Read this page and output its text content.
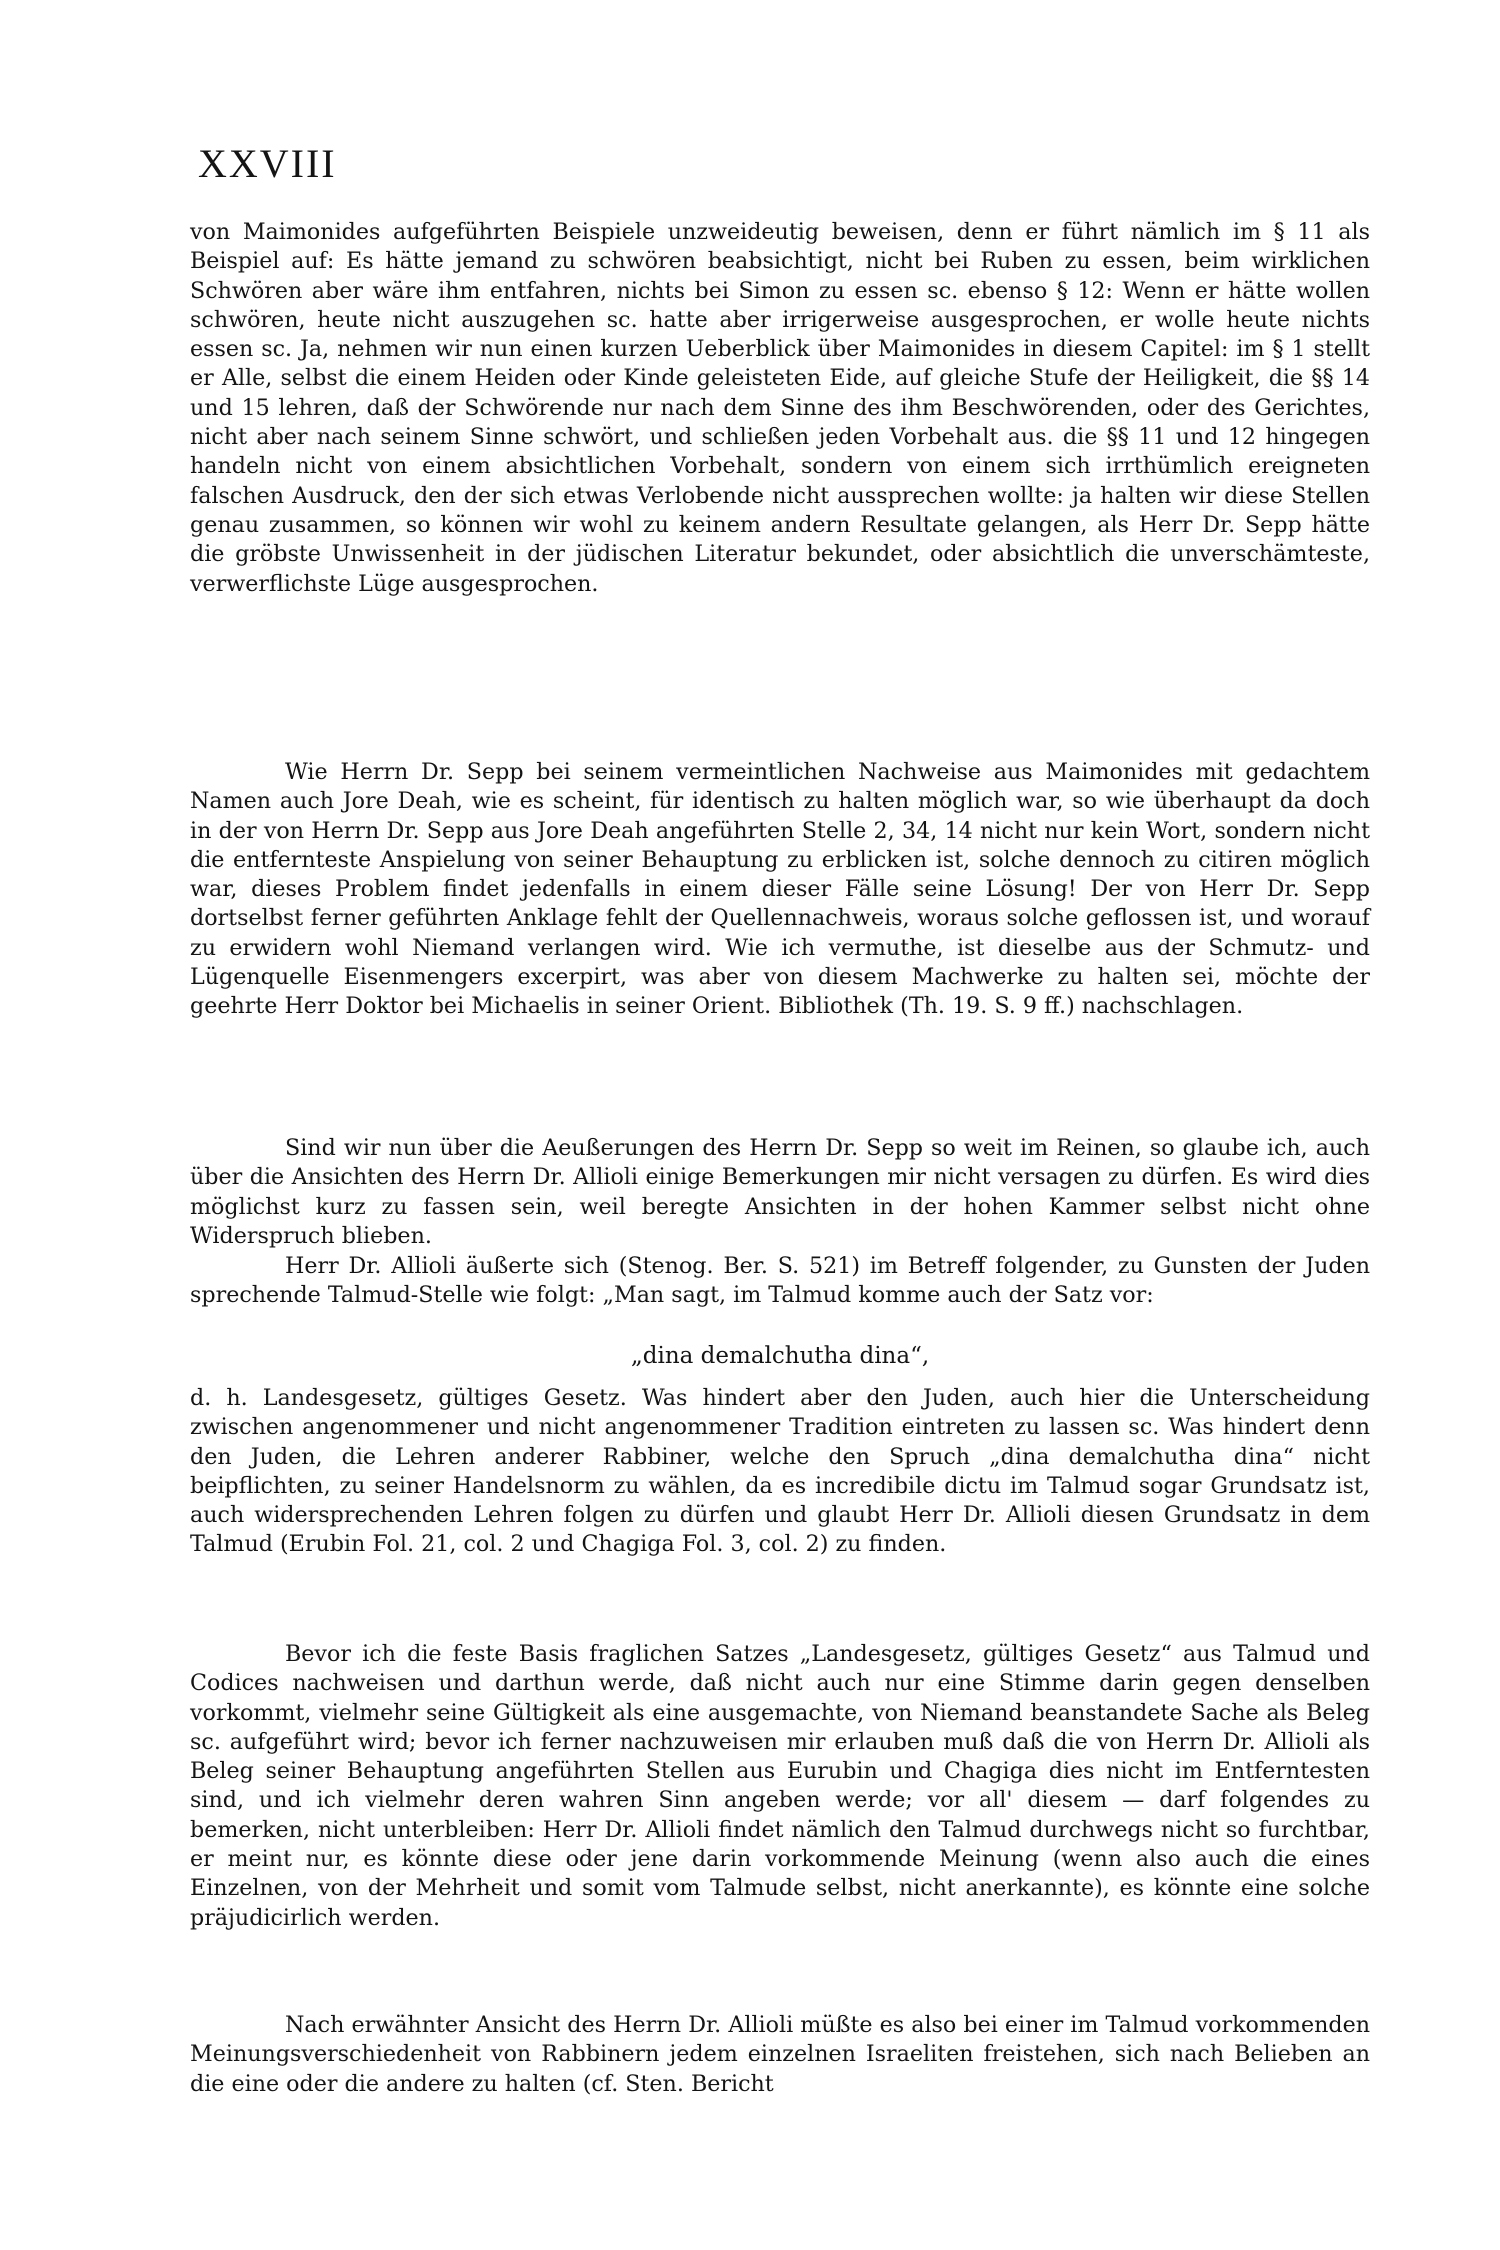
XXVIII

von Maimonides aufgeführten Beispiele unzweideutig beweisen, denn er führt nämlich im § 11 als Beispiel auf: Es hätte jemand zu schwören beabsichtigt, nicht bei Ruben zu essen, beim wirklichen Schwören aber wäre ihm entfahren, nichts bei Simon zu essen sc. ebenso § 12: Wenn er hätte wollen schwören, heute nicht auszugehen sc. hatte aber irrigerweise ausgesprochen, er wolle heute nichts essen sc. Ja, nehmen wir nun einen kurzen Ueberblick über Maimonides in diesem Capitel: im § 1 stellt er Alle, selbst die einem Heiden oder Kinde geleisteten Eide, auf gleiche Stufe der Heiligkeit, die §§ 14 und 15 lehren, daß der Schwörende nur nach dem Sinne des ihm Beschwörenden, oder des Gerichtes, nicht aber nach seinem Sinne schwört, und schließen jeden Vorbehalt aus. die §§ 11 und 12 hingegen handeln nicht von einem absichtlichen Vorbehalt, sondern von einem sich irrthümlich ereigneten falschen Ausdruck, den der sich etwas Verlobende nicht aussprechen wollte: ja halten wir diese Stellen genau zusammen, so können wir wohl zu keinem andern Resultate gelangen, als Herr Dr. Sepp hätte die gröbste Unwissenheit in der jüdischen Literatur bekundet, oder absichtlich die unverschämteste, verwerflichste Lüge ausgesprochen.

Wie Herrn Dr. Sepp bei seinem vermeintlichen Nachweise aus Maimonides mit gedachtem Namen auch Jore Deah, wie es scheint, für identisch zu halten möglich war, so wie überhaupt da doch in der von Herrn Dr. Sepp aus Jore Deah angeführten Stelle 2, 34, 14 nicht nur kein Wort, sondern nicht die entfernteste Anspielung von seiner Behauptung zu erblicken ist, solche dennoch zu citiren möglich war, dieses Problem findet jedenfalls in einem dieser Fälle seine Lösung! Der von Herr Dr. Sepp dortselbst ferner geführten Anklage fehlt der Quellennachweis, woraus solche geflossen ist, und worauf zu erwidern wohl Niemand verlangen wird. Wie ich vermuthe, ist dieselbe aus der Schmutz- und Lügenquelle Eisenmengers excerpirt, was aber von diesem Machwerke zu halten sei, möchte der geehrte Herr Doktor bei Michaelis in seiner Orient. Bibliothek (Th. 19. S. 9 ff.) nachschlagen.

Sind wir nun über die Aeußerungen des Herrn Dr. Sepp so weit im Reinen, so glaube ich, auch über die Ansichten des Herrn Dr. Allioli einige Bemerkungen mir nicht versagen zu dürfen. Es wird dies möglichst kurz zu fassen sein, weil beregte Ansichten in der hohen Kammer selbst nicht ohne Widerspruch blieben.

Herr Dr. Allioli äußerte sich (Stenog. Ber. S. 521) im Betreff folgender, zu Gunsten der Juden sprechende Talmud-Stelle wie folgt: „Man sagt, im Talmud komme auch der Satz vor:

„dina demalchutha dina“,

d. h. Landesgesetz, gültiges Gesetz. Was hindert aber den Juden, auch hier die Unterscheidung zwischen angenommener und nicht angenommener Tradition eintreten zu lassen sc. Was hindert denn den Juden, die Lehren anderer Rabbiner, welche den Spruch „dina demalchutha dina“ nicht beipflichten, zu seiner Handelsnorm zu wählen, da es incredibile dictu im Talmud sogar Grundsatz ist, auch widersprechenden Lehren folgen zu dürfen und glaubt Herr Dr. Allioli diesen Grundsatz in dem Talmud (Erubin Fol. 21, col. 2 und Chagiga Fol. 3, col. 2) zu finden.

Bevor ich die feste Basis fraglichen Satzes „Landesgesetz, gültiges Gesetz“ aus Talmud und Codices nachweisen und darthun werde, daß nicht auch nur eine Stimme darin gegen denselben vorkommt, vielmehr seine Gültigkeit als eine ausgemachte, von Niemand beanstandete Sache als Beleg sc. aufgeführt wird; bevor ich ferner nachzuweisen mir erlauben muß daß die von Herrn Dr. Allioli als Beleg seiner Behauptung angeführten Stellen aus Eurubin und Chagiga dies nicht im Entferntesten sind, und ich vielmehr deren wahren Sinn angeben werde; vor all' diesem — darf folgendes zu bemerken, nicht unterbleiben: Herr Dr. Allioli findet nämlich den Talmud durchwegs nicht so furchtbar, er meint nur, es könnte diese oder jene darin vorkommende Meinung (wenn also auch die eines Einzelnen, von der Mehrheit und somit vom Talmude selbst, nicht anerkannte), es könnte eine solche präjudicirlich werden.

Nach erwähnter Ansicht des Herrn Dr. Allioli müßte es also bei einer im Talmud vorkommenden Meinungsverschiedenheit von Rabbinern jedem einzelnen Israeliten freistehen, sich nach Belieben an die eine oder die andere zu halten (cf. Sten. Bericht
